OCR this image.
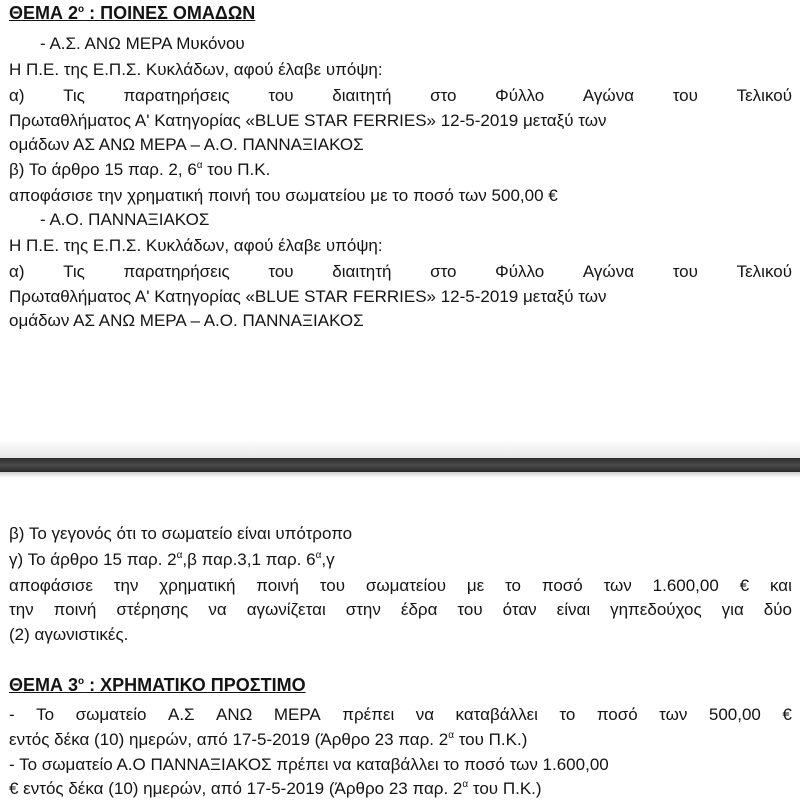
ΘΕΜΑ $2^o$ : ΠΟΙΝΕΣ ΟΜΑΔΩΝ
- Α.Σ. ΑΝΩ ΜΕΡΑ Μυκόνου
Η Π.Ε. της Ε.Π.Σ. Κυκλάδων, αφού έλαβε υπόψη:
α) Τις παρατηρήσεις του διαιτητή στο Φύλλο Αγώνα του Τελικού
Πρωταθλήματος Α' Κατηγορίας «BLUE STAR FERRIES» 12-5-2019 μεταξύ των
ομάδων ΑΣ ΑΝΩ ΜΕΡΑ – Α.Ο. ΠΑΝΝΑΞΙΑΚΟΣ
β) Το άρθρο 15 παρ. 2, $6^\alpha$ του Π.Κ.
αποφάσισε την χρηματική ποινή του σωματείου με το ποσό των 500,00 €
- Α.Ο. ΠΑΝΝΑΞΙΑΚΟΣ
Η Π.Ε. της Ε.Π.Σ. Κυκλάδων, αφού έλαβε υπόψη:
α) Τις παρατηρήσεις του διαιτητή στο Φύλλο Αγώνα του Τελικού
Πρωταθλήματος Α' Κατηγορίας «BLUE STAR FERRIES» 12-5-2019 μεταξύ των
ομάδων ΑΣ ΑΝΩ ΜΕΡΑ – Α.Ο. ΠΑΝΝΑΞΙΑΚΟΣ
β) Το γεγονός ότι το σωματείο είναι υπότροπο
γ) Το άρθρο 15 παρ. $2^\alpha,\beta$ παρ.3,1 παρ. $6^\alpha,\gamma$
αποφάσισε την χρηματική ποινή του σωματείου με το ποσό των 1.600,00 € και
την ποινή στέρησης να αγωνίζεται στην έδρα του όταν είναι γηπεδούχος για δύο
(2) αγωνιστικές.
ΘΕΜΑ $3^o$ : ΧΡΗΜΑΤΙΚΟ ΠΡΟΣΤΙΜΟ
- Το σωματείο Α.Σ ΑΝΩ ΜΕΡΑ πρέπει να καταβάλλει το ποσό των 500,00 €
εντός δέκα (10) ημερών, από 17-5-2019 (Άρθρο 23 παρ. $2^\alpha$ του Π.Κ.)
- Το σωματείο Α.Ο ΠΑΝΝΑΞΙΑΚΟΣ πρέπει να καταβάλλει το ποσό των 1.600,00
€ εντός δέκα (10) ημερών, από 17-5-2019 (Άρθρο 23 παρ. $2^\alpha$ του Π.Κ.)
